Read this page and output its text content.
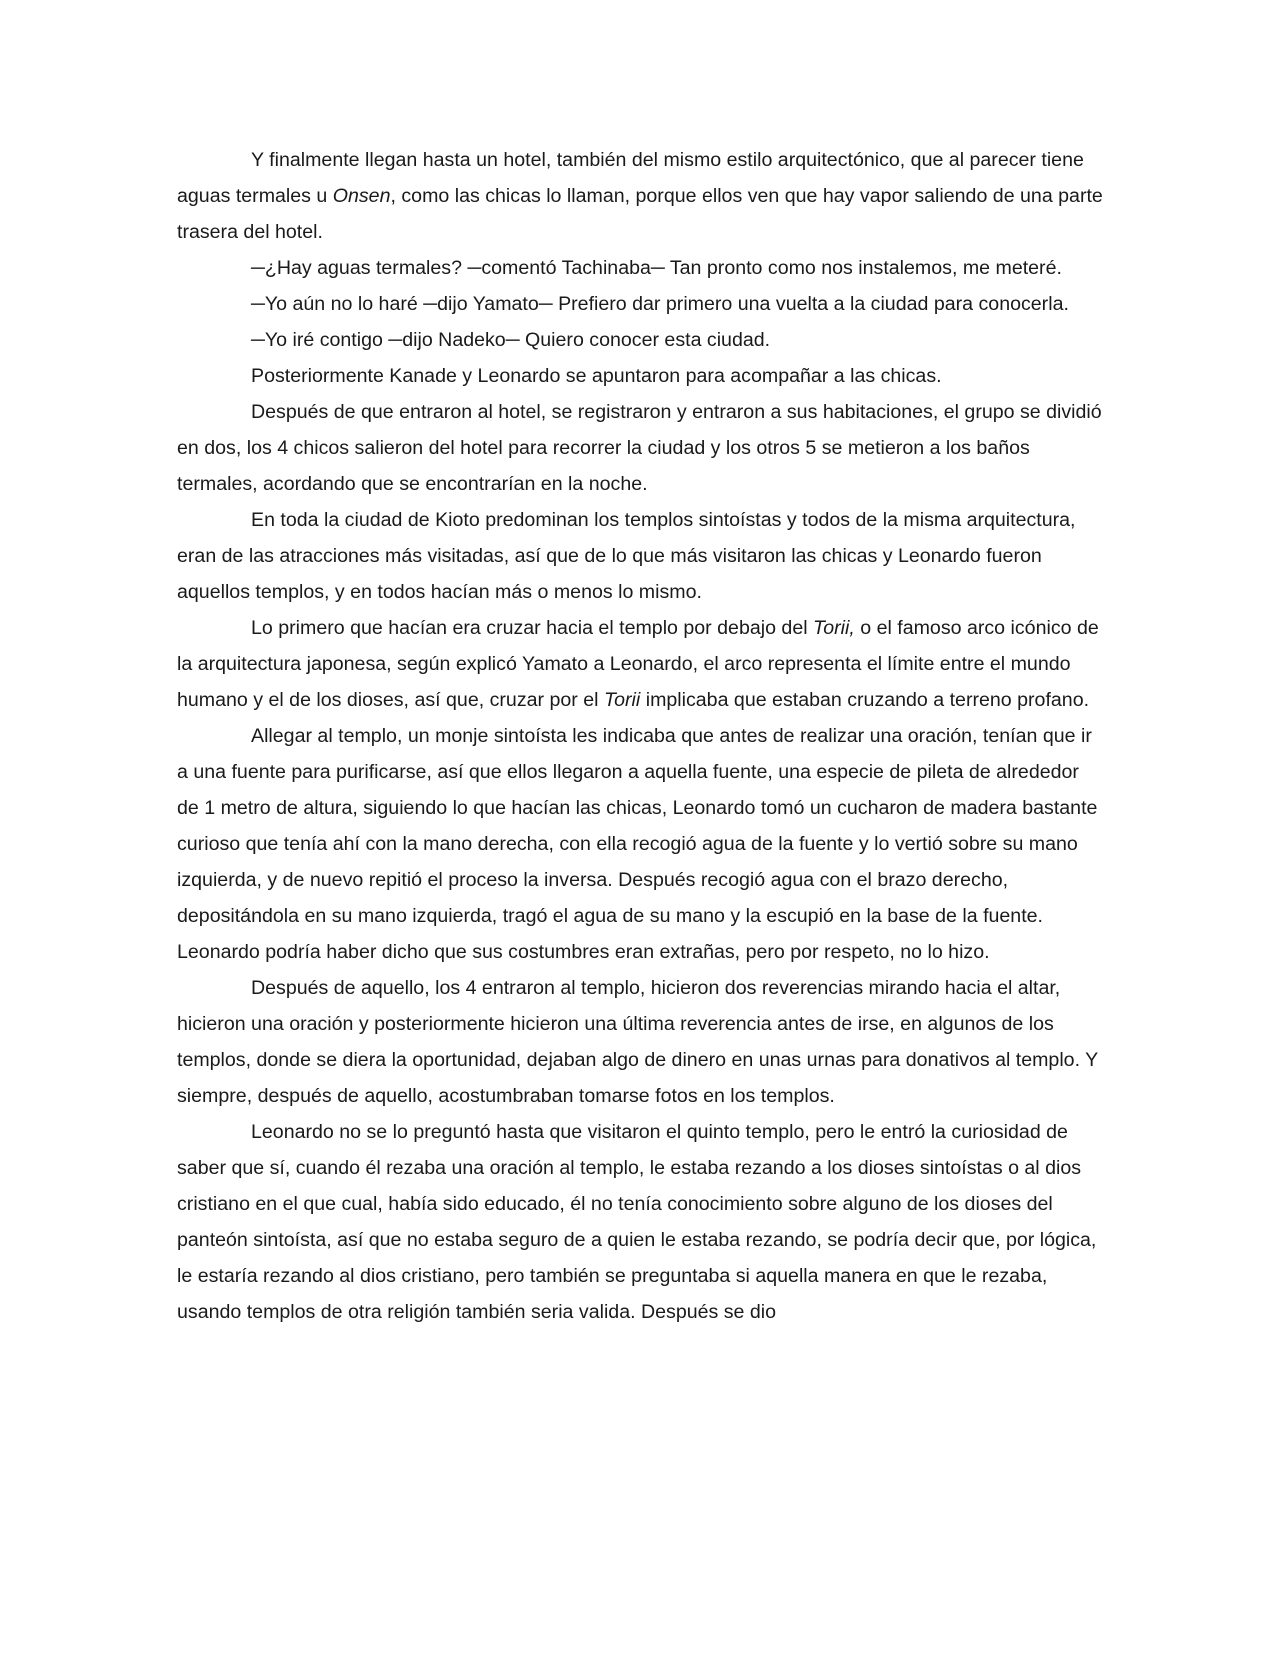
Y finalmente llegan hasta un hotel, también del mismo estilo arquitectónico, que al parecer tiene aguas termales u Onsen, como las chicas lo llaman, porque ellos ven que hay vapor saliendo de una parte trasera del hotel.

─¿Hay aguas termales? ─comentó Tachinaba─ Tan pronto como nos instalemos, me meteré.

─Yo aún no lo haré ─dijo Yamato─ Prefiero dar primero una vuelta a la ciudad para conocerla.

─Yo iré contigo ─dijo Nadeko─ Quiero conocer esta ciudad.

Posteriormente Kanade y Leonardo se apuntaron para acompañar a las chicas.

Después de que entraron al hotel, se registraron y entraron a sus habitaciones, el grupo se dividió en dos, los 4 chicos salieron del hotel para recorrer la ciudad y los otros 5 se metieron a los baños termales, acordando que se encontrarían en la noche.

En toda la ciudad de Kioto predominan los templos sintoístas y todos de la misma arquitectura, eran de las atracciones más visitadas, así que de lo que más visitaron las chicas y Leonardo fueron aquellos templos, y en todos hacían más o menos lo mismo.

Lo primero que hacían era cruzar hacia el templo por debajo del Torii, o el famoso arco icónico de la arquitectura japonesa, según explicó Yamato a Leonardo, el arco representa el límite entre el mundo humano y el de los dioses, así que, cruzar por el Torii implicaba que estaban cruzando a terreno profano.

Allegar al templo, un monje sintoísta les indicaba que antes de realizar una oración, tenían que ir a una fuente para purificarse, así que ellos llegaron a aquella fuente, una especie de pileta de alrededor de 1 metro de altura, siguiendo lo que hacían las chicas, Leonardo tomó un cucharon de madera bastante curioso que tenía ahí con la mano derecha, con ella recogió agua de la fuente y lo vertió sobre su mano izquierda, y de nuevo repitió el proceso la inversa. Después recogió agua con el brazo derecho, depositándola en su mano izquierda, tragó el agua de su mano y la escupió en la base de la fuente. Leonardo podría haber dicho que sus costumbres eran extrañas, pero por respeto, no lo hizo.

Después de aquello, los 4 entraron al templo, hicieron dos reverencias mirando hacia el altar, hicieron una oración y posteriormente hicieron una última reverencia antes de irse, en algunos de los templos, donde se diera la oportunidad, dejaban algo de dinero en unas urnas para donativos al templo. Y siempre, después de aquello, acostumbraban tomarse fotos en los templos.

Leonardo no se lo preguntó hasta que visitaron el quinto templo, pero le entró la curiosidad de saber que sí, cuando él rezaba una oración al templo, le estaba rezando a los dioses sintoístas o al dios cristiano en el que cual, había sido educado, él no tenía conocimiento sobre alguno de los dioses del panteón sintoísta, así que no estaba seguro de a quien le estaba rezando, se podría decir que, por lógica, le estaría rezando al dios cristiano, pero también se preguntaba si aquella manera en que le rezaba, usando templos de otra religión también seria valida. Después se dio
